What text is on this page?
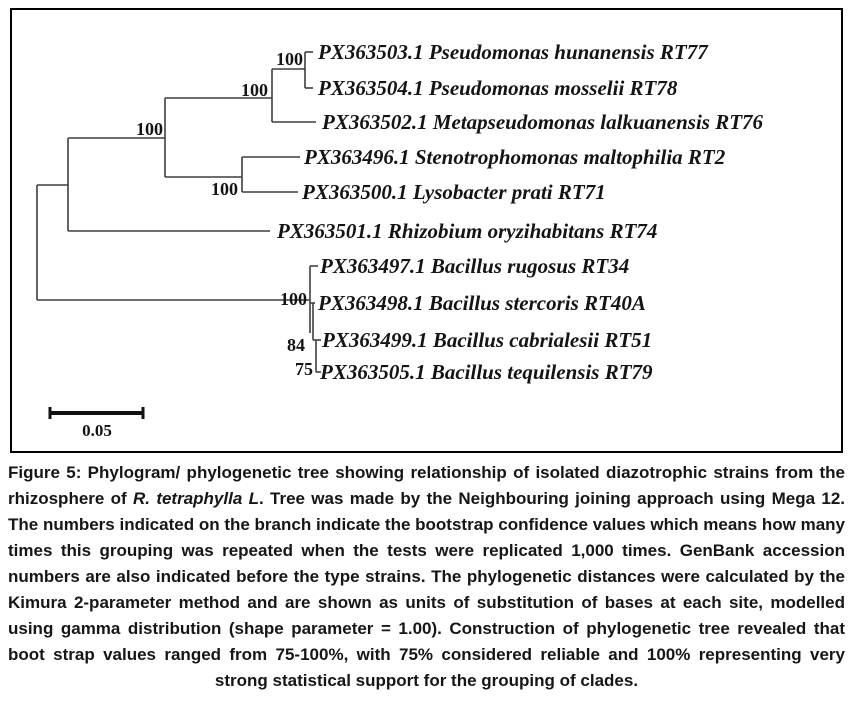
PX363503.1 Pseudomonas hunanensis RT77
PX363504.1 Pseudomonas mosselii RT78
PX363502.1 Metapseudomonas lalkuanensis RT76
PX363496.1 Stenotrophomonas maltophilia RT2
PX363500.1 Lysobacter prati RT71
PX363501.1 Rhizobium oryzihabitans RT74
PX363497.1 Bacillus rugosus RT34
PX363498.1 Bacillus stercoris RT40A
PX363499.1 Bacillus cabrialesii RT51
PX363505.1 Bacillus tequilensis RT79
100
100
100
100
100
84
75
0.05
Figure 5: Phylogram/ phylogenetic tree showing relationship of isolated diazotrophic strains from the rhizosphere of R. tetraphylla L. Tree was made by the Neighbouring joining approach using Mega 12. The numbers indicated on the branch indicate the bootstrap confidence values which means how many times this grouping was repeated when the tests were replicated 1,000 times. GenBank accession numbers are also indicated before the type strains. The phylogenetic distances were calculated by the Kimura 2-parameter method and are shown as units of substitution of bases at each site, modelled using gamma distribution (shape parameter = 1.00). Construction of phylogenetic tree revealed that boot strap values ranged from 75-100%, with 75% considered reliable and 100% representing very strong statistical support for the grouping of clades.
